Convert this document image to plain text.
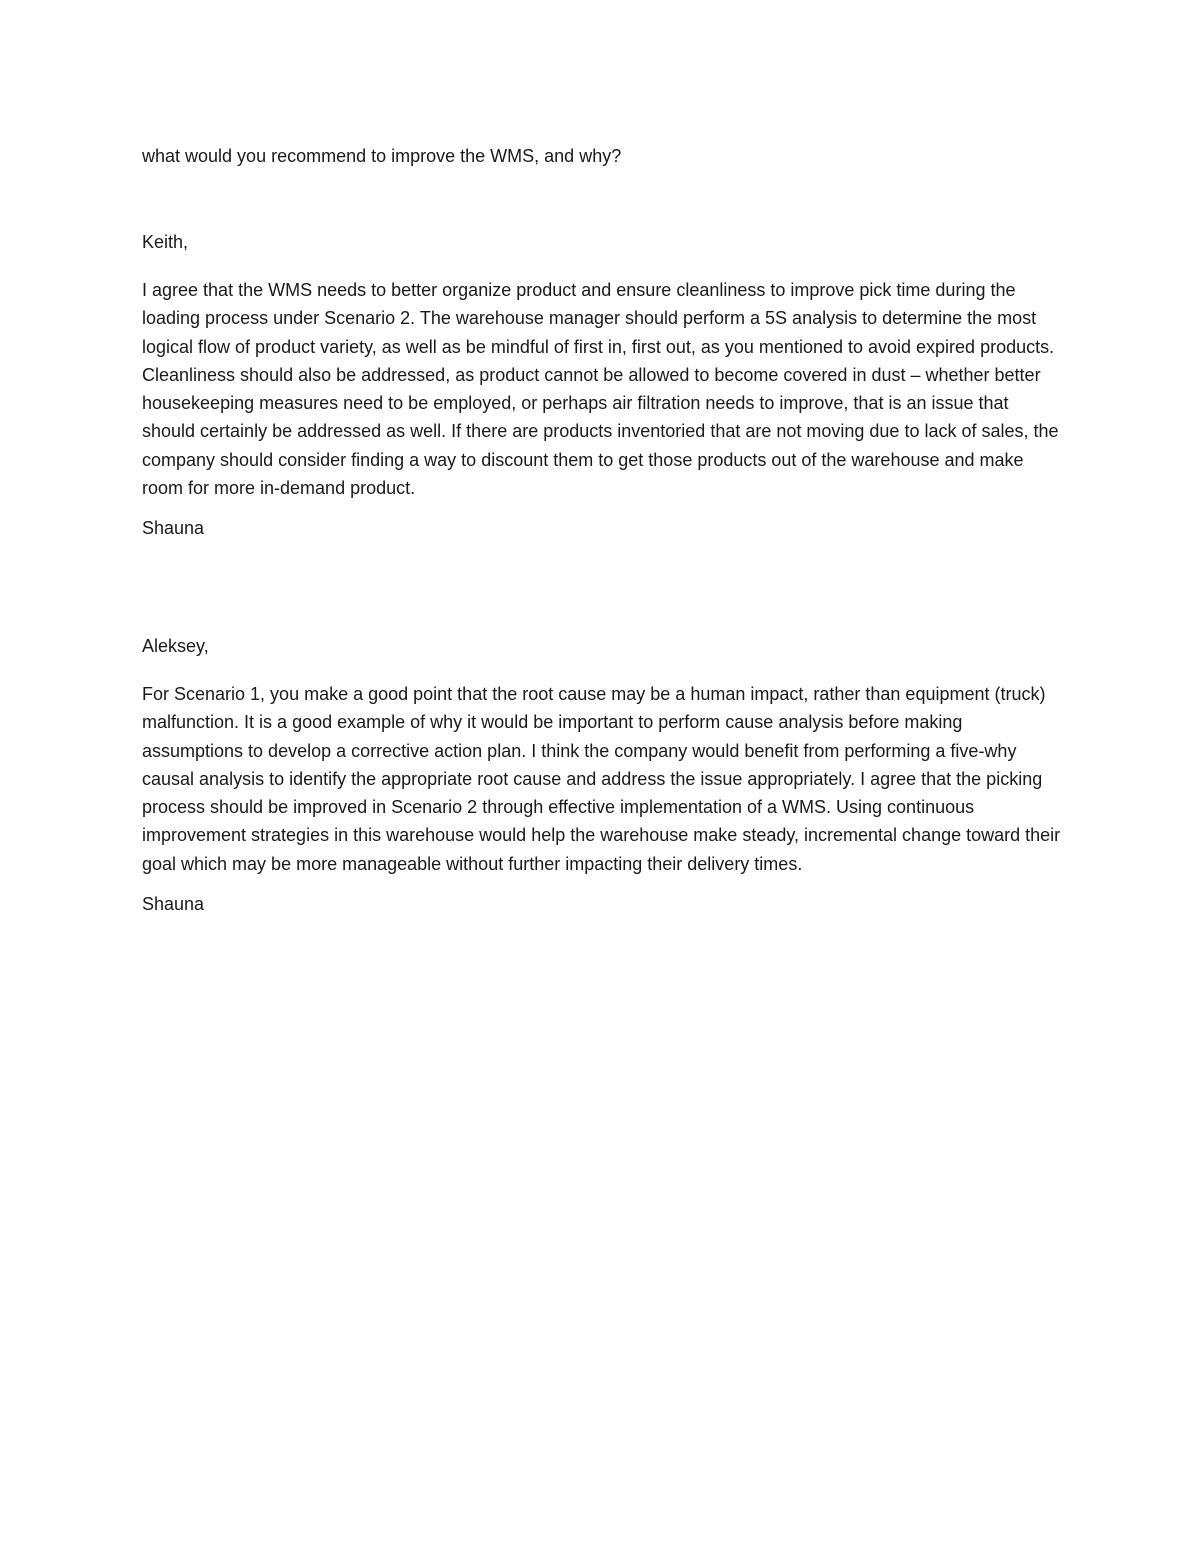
what would you recommend to improve the WMS, and why?

Keith,

I agree that the WMS needs to better organize product and ensure cleanliness to improve pick time during the loading process under Scenario 2. The warehouse manager should perform a 5S analysis to determine the most logical flow of product variety, as well as be mindful of first in, first out, as you mentioned to avoid expired products. Cleanliness should also be addressed, as product cannot be allowed to become covered in dust – whether better housekeeping measures need to be employed, or perhaps air filtration needs to improve, that is an issue that should certainly be addressed as well. If there are products inventoried that are not moving due to lack of sales, the company should consider finding a way to discount them to get those products out of the warehouse and make room for more in-demand product.

Shauna

Aleksey,

For Scenario 1, you make a good point that the root cause may be a human impact, rather than equipment (truck) malfunction. It is a good example of why it would be important to perform cause analysis before making assumptions to develop a corrective action plan. I think the company would benefit from performing a five-why causal analysis to identify the appropriate root cause and address the issue appropriately. I agree that the picking process should be improved in Scenario 2 through effective implementation of a WMS. Using continuous improvement strategies in this warehouse would help the warehouse make steady, incremental change toward their goal which may be more manageable without further impacting their delivery times.

Shauna
